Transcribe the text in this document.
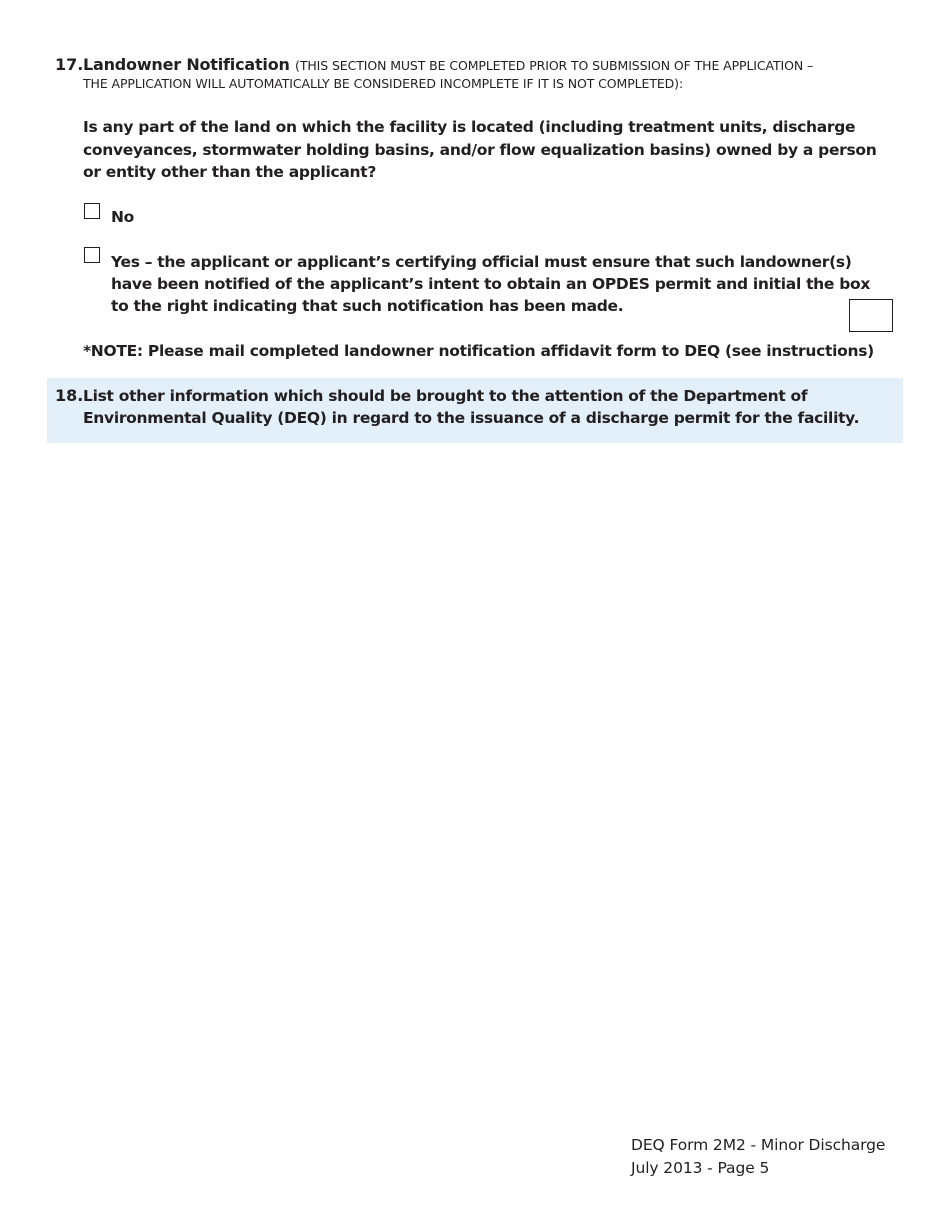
17. Landowner Notification (THIS SECTION MUST BE COMPLETED PRIOR TO SUBMISSION OF THE APPLICATION –
THE APPLICATION WILL AUTOMATICALLY BE CONSIDERED INCOMPLETE IF IT IS NOT COMPLETED):
Is any part of the land on which the facility is located (including treatment units, discharge conveyances, stormwater holding basins, and/or flow equalization basins) owned by a person or entity other than the applicant?
No
Yes – the applicant or applicant’s certifying official must ensure that such landowner(s) have been notified of the applicant’s intent to obtain an OPDES permit and initial the box to the right indicating that such notification has been made.
*NOTE: Please mail completed landowner notification affidavit form to DEQ (see instructions)
18. List other information which should be brought to the attention of the Department of Environmental Quality (DEQ) in regard to the issuance of a discharge permit for the facility.
DEQ Form 2M2 - Minor Discharge
July 2013 - Page 5
